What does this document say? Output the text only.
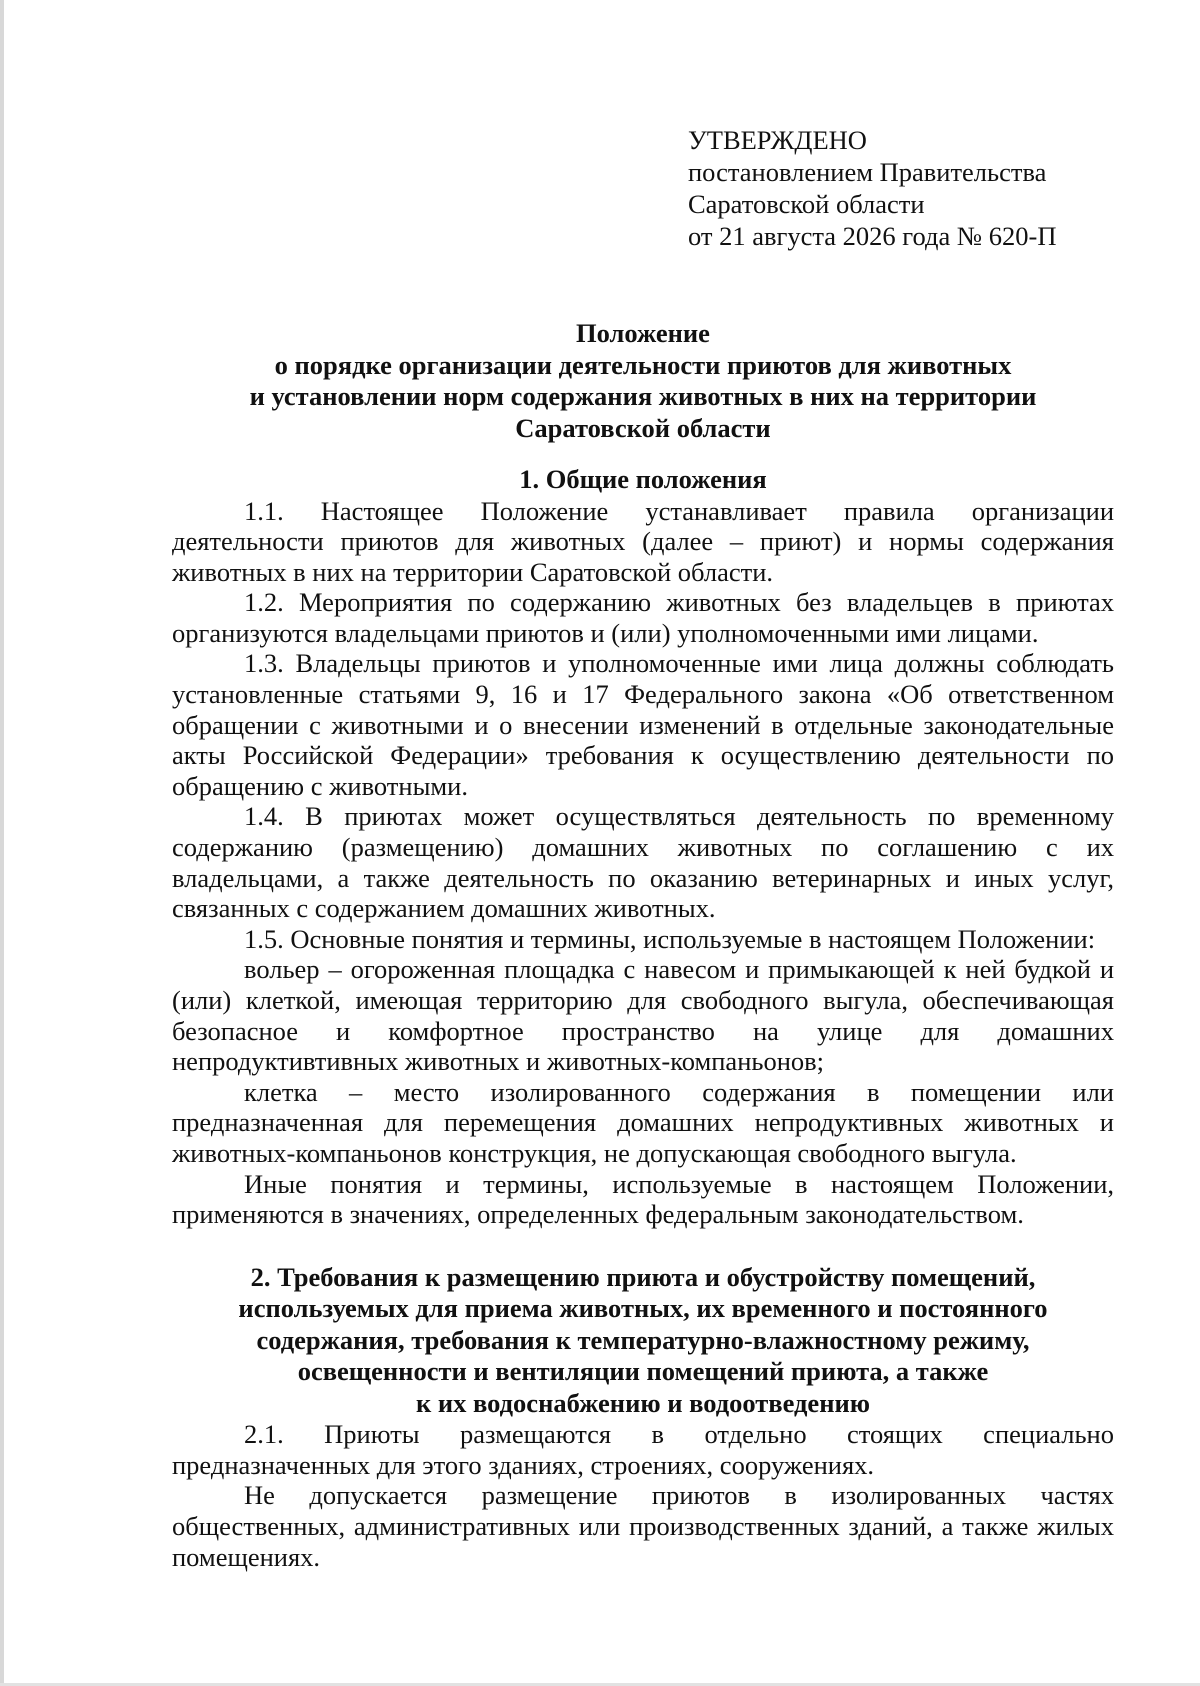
УТВЕРЖДЕНО
постановлением Правительства
Саратовской области
от 21 августа 2026 года № 620-П
Положение
о порядке организации деятельности приютов для животных
и установлении норм содержания животных в них на территории
Саратовской области
1. Общие положения

1.1. Настоящее Положение устанавливает правила организации деятельности приютов для животных (далее – приют) и нормы содержания животных в них на территории Саратовской области.

1.2. Мероприятия по содержанию животных без владельцев в приютах организуются владельцами приютов и (или) уполномоченными ими лицами.

1.3. Владельцы приютов и уполномоченные ими лица должны соблюдать установленные статьями 9, 16 и 17 Федерального закона «Об ответственном обращении с животными и о внесении изменений в отдельные законодательные акты Российской Федерации» требования к осуществлению деятельности по обращению с животными.

1.4. В приютах может осуществляться деятельность по временному содержанию (размещению) домашних животных по соглашению с их владельцами, а также деятельность по оказанию ветеринарных и иных услуг, связанных с содержанием домашних животных.

1.5. Основные понятия и термины, используемые в настоящем Положении:

вольер – огороженная площадка с навесом и примыкающей к ней будкой и (или) клеткой, имеющая территорию для свободного выгула, обеспечивающая безопасное и комфортное пространство на улице для домашних непродуктивтивных животных и животных-компаньонов;

клетка – место изолированного содержания в помещении или предназначенная для перемещения домашних непродуктивных животных и животных-компаньонов конструкция, не допускающая свободного выгула.

Иные понятия и термины, используемые в настоящем Положении, применяются в значениях, определенных федеральным законодательством.

2. Требования к размещению приюта и обустройству помещений,
используемых для приема животных, их временного и постоянного
содержания, требования к температурно-влажностному режиму,
освещенности и вентиляции помещений приюта, а также
к их водоснабжению и водоотведению

2.1. Приюты размещаются в отдельно стоящих специально предназначенных для этого зданиях, строениях, сооружениях.

Не допускается размещение приютов в изолированных частях общественных, административных или производственных зданий, а также жилых помещениях.
